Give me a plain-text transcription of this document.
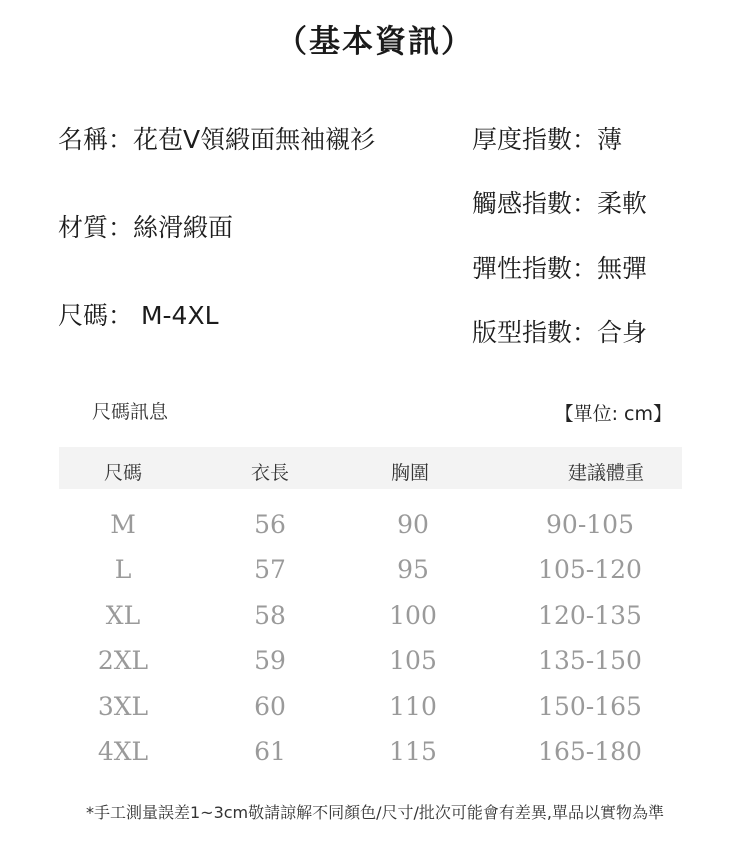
（基本資訊）
名稱：花苞V領緞面無袖襯衫
材質：絲滑緞面
尺碼： M-4XL
厚度指數：薄
觸感指數：柔軟
彈性指數：無彈
版型指數：合身
尺碼訊息	【單位: cm】
尺碼	衣長	胸圍	建議體重
M	56	90	90-105
L	57	95	105-120
XL	58	100	120-135
2XL	59	105	135-150
3XL	60	110	150-165
4XL	61	115	165-180
*手工測量誤差1~3cm敬請諒解不同顏色/尺寸/批次可能會有差異,單品以實物為準
